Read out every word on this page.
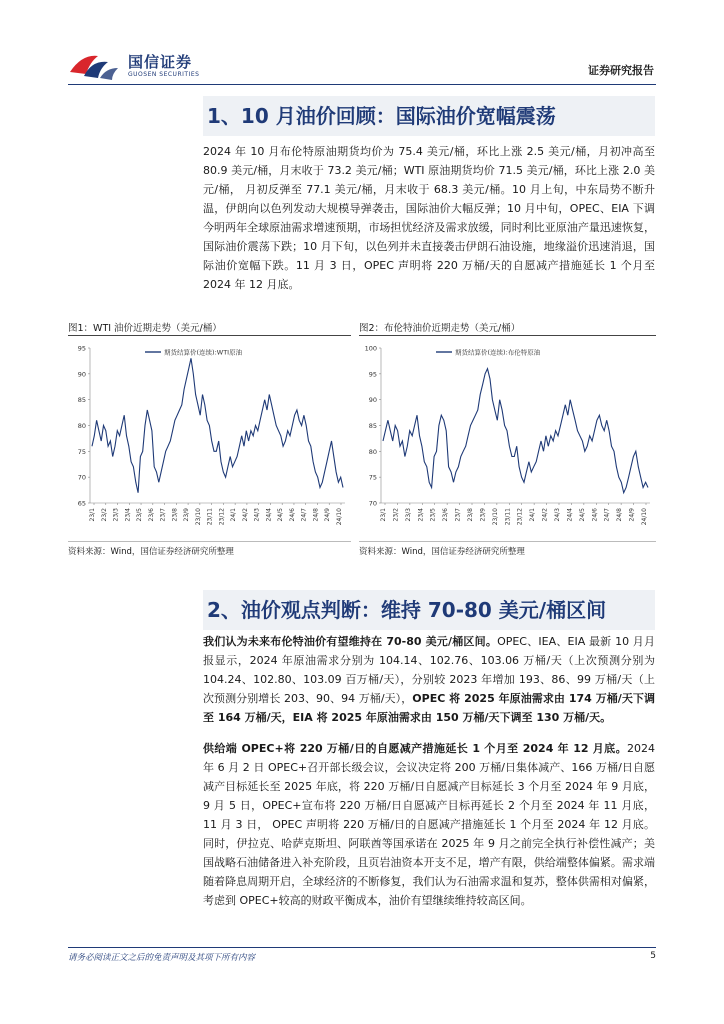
国信证券
GUOSEN SECURITIES	证券研究报告
1、10 月油价回顾：国际油价宽幅震荡
2024 年 10 月布伦特原油期货均价为 75.4 美元/桶，环比上涨 2.5 美元/桶，月初冲高至 80.9 美元/桶，月末收于 73.2 美元/桶；WTI 原油期货均价 71.5 美元/桶，环比上涨 2.0 美元/桶， 月初反弹至 77.1 美元/桶，月末收于 68.3 美元/桶。10 月上旬，中东局势不断升温，伊朗向以色列发动大规模导弹袭击，国际油价大幅反弹；10 月中旬，OPEC、EIA 下调今明两年全球原油需求增速预期，市场担忧经济及需求放缓，同时利比亚原油产量迅速恢复，国际油价震荡下跌；10 月下旬，以色列并未直接袭击伊朗石油设施，地缘溢价迅速消退，国际油价宽幅下跌。11 月 3 日，OPEC 声明将 220 万桶/天的自愿减产措施延长 1 个月至 2024 年 12 月底。
图1：WTI 油价近期走势（美元/桶）	图2：布伦特油价近期走势（美元/桶）
65
70
75
80
85
90
95
23/1 23/2 23/3 23/4 23/5 23/6 23/7 23/8 23/9 23/10 23/11 23/12 24/1 24/2 24/3 24/4 24/5 24/6 24/7 24/8 24/9 24/10
期货结算价(连续):WTI原油
70
75
80
85
90
95
100
23/1 23/2 23/3 23/4 23/5 23/6 23/7 23/8 23/9 23/10 23/11 23/12 24/1 24/2 24/3 24/4 24/5 24/6 24/7 24/8 24/9 24/10
期货结算价(连续):布伦特原油
资料来源：Wind，国信证券经济研究所整理	资料来源：Wind，国信证券经济研究所整理
2、油价观点判断：维持 70-80 美元/桶区间
我们认为未来布伦特油价有望维持在 70-80 美元/桶区间。OPEC、IEA、EIA 最新 10 月月报显示，2024 年原油需求分别为 104.14、102.76、103.06 万桶/天（上次预测分别为 104.24、102.80、103.09 百万桶/天），分别较 2023 年增加 193、86、99 万桶/天（上次预测分别增长 203、90、94 万桶/天），OPEC 将 2025 年原油需求由 174 万桶/天下调至 164 万桶/天，EIA 将 2025 年原油需求由 150 万桶/天下调至 130 万桶/天。
供给端 OPEC+将 220 万桶/日的自愿减产措施延长 1 个月至 2024 年 12 月底。2024 年 6 月 2 日 OPEC+召开部长级会议，会议决定将 200 万桶/日集体减产、166 万桶/日自愿减产目标延长至 2025 年底，将 220 万桶/日自愿减产目标延长 3 个月至 2024 年 9 月底，9 月 5 日，OPEC+宣布将 220 万桶/日自愿减产目标再延长 2 个月至 2024 年 11 月底， 11 月 3 日， OPEC 声明将 220 万桶/日的自愿减产措施延长 1 个月至 2024 年 12 月底。同时，伊拉克、哈萨克斯坦、阿联酋等国承诺在 2025 年 9 月之前完全执行补偿性减产；美国战略石油储备进入补充阶段，且页岩油资本开支不足，增产有限，供给端整体偏紧。需求端随着降息周期开启，全球经济的不断修复，我们认为石油需求温和复苏，整体供需相对偏紧，考虑到 OPEC+较高的财政平衡成本，油价有望继续维持较高区间。
请务必阅读正文之后的免责声明及其项下所有内容	5
